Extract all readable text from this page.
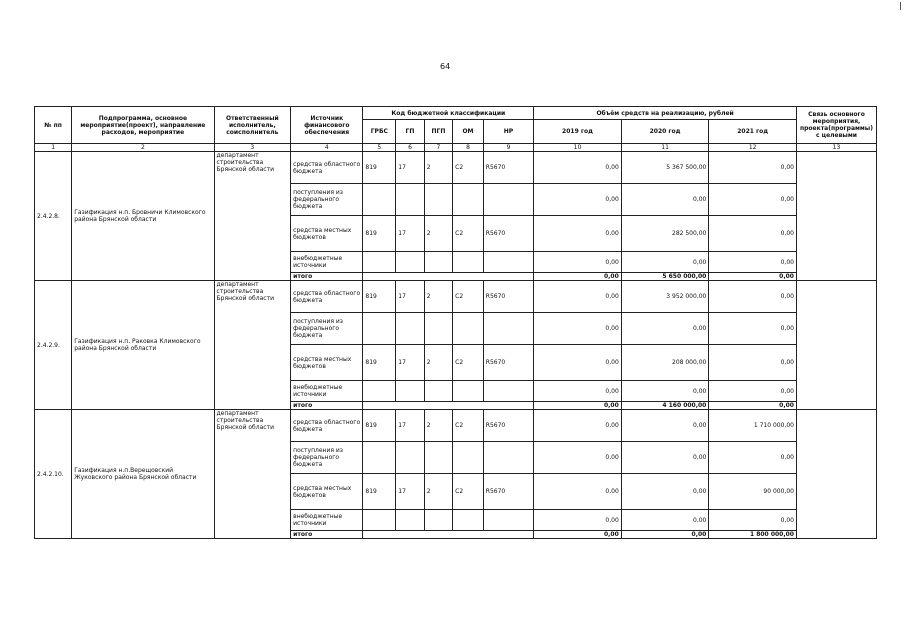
64
№ пп	Подпрограмма, основное мероприятие(проект), направление расходов, мероприятие	Ответственный исполнитель, соисполнитель	Источник финансового обеспечения	Код бюджетной классификации					Объём средств на реализацию, рублей			Связь основного мероприятия, проекта(программы) с целевыми
				ГРБС	ГП	ПГП	ОМ	НР	2019 год	2020 год	2021 год	
1	2	3	4	5	6	7	8	9	10	11	12	13
2.4.2.8.	Газификация н.п. Бровничи Климовского района Брянской области	департамент строительства Брянской области	средства областного бюджета	819	17	2	С2	R5670	0,00	5 367 500,00	0,00	
			поступления из федерального бюджета						0,00	0,00	0,00	
			средства местных бюджетов	819	17	2	С2	R5670	0,00	282 500,00	0,00	
			внебюджетные источники						0,00	0,00	0,00	
			итого						0,00	5 650 000,00	0,00	
2.4.2.9.	Газификация н.п. Раковка Климовского района Брянской области	департамент строительства Брянской области	средства областного бюджета	819	17	2	С2	R5670	0,00	3 952 000,00	0,00	
			поступления из федерального бюджета						0,00	0,00	0,00	
			средства местных бюджетов	819	17	2	С2	R5670	0,00	208 000,00	0,00	
			внебюджетные источники						0,00	0,00	0,00	
			итого						0,00	4 160 000,00	0,00	
2.4.2.10.	Газификация н.п.Верещовский Жуковского района Брянской области	департамент строительства Брянской области	средства областного бюджета	819	17	2	С2	R5670	0,00	0,00	1 710 000,00	
			поступления из федерального бюджета						0,00	0,00	0,00	
			средства местных бюджетов	819	17	2	С2	R5670	0,00	0,00	90 000,00	
			внебюджетные источники						0,00	0,00	0,00	
			итого						0,00	0,00	1 800 000,00	
